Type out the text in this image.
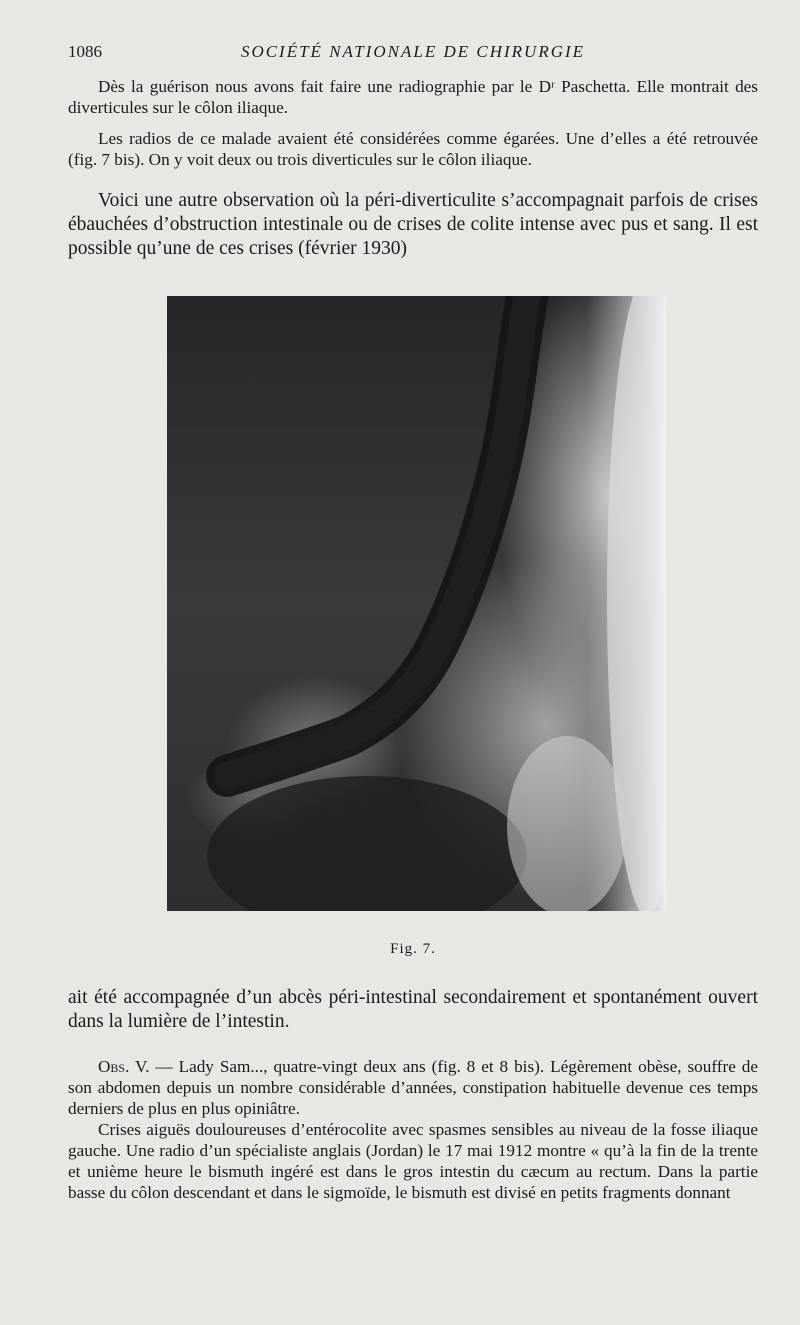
1086	SOCIÉTÉ NATIONALE DE CHIRURGIE

Dès la guérison nous avons fait faire une radiographie par le Dʳ Paschetta. Elle montrait des diverticules sur le côlon iliaque.

Les radios de ce malade avaient été considérées comme égarées. Une d’elles a été retrouvée (fig. 7 bis). On y voit deux ou trois diverticules sur le côlon iliaque.

Voici une autre observation où la péri-diverticulite s’accompagnait parfois de crises ébauchées d’obstruction intestinale ou de crises de colite intense avec pus et sang. Il est possible qu’une de ces crises (février 1930)

Fig. 7.

ait été accompagnée d’un abcès péri-intestinal secondairement et spontanément ouvert dans la lumière de l’intestin.

Obs. V. — Lady Sam..., quatre-vingt deux ans (fig. 8 et 8 bis). Légèrement obèse, souffre de son abdomen depuis un nombre considérable d’années, constipation habituelle devenue ces temps derniers de plus en plus opiniâtre.

Crises aiguës douloureuses d’entérocolite avec spasmes sensibles au niveau de la fosse iliaque gauche. Une radio d’un spécialiste anglais (Jordan) le 17 mai 1912 montre « qu’à la fin de la trente et unième heure le bismuth ingéré est dans le gros intestin du cæcum au rectum. Dans la partie basse du côlon descendant et dans le sigmoïde, le bismuth est divisé en petits fragments donnant
